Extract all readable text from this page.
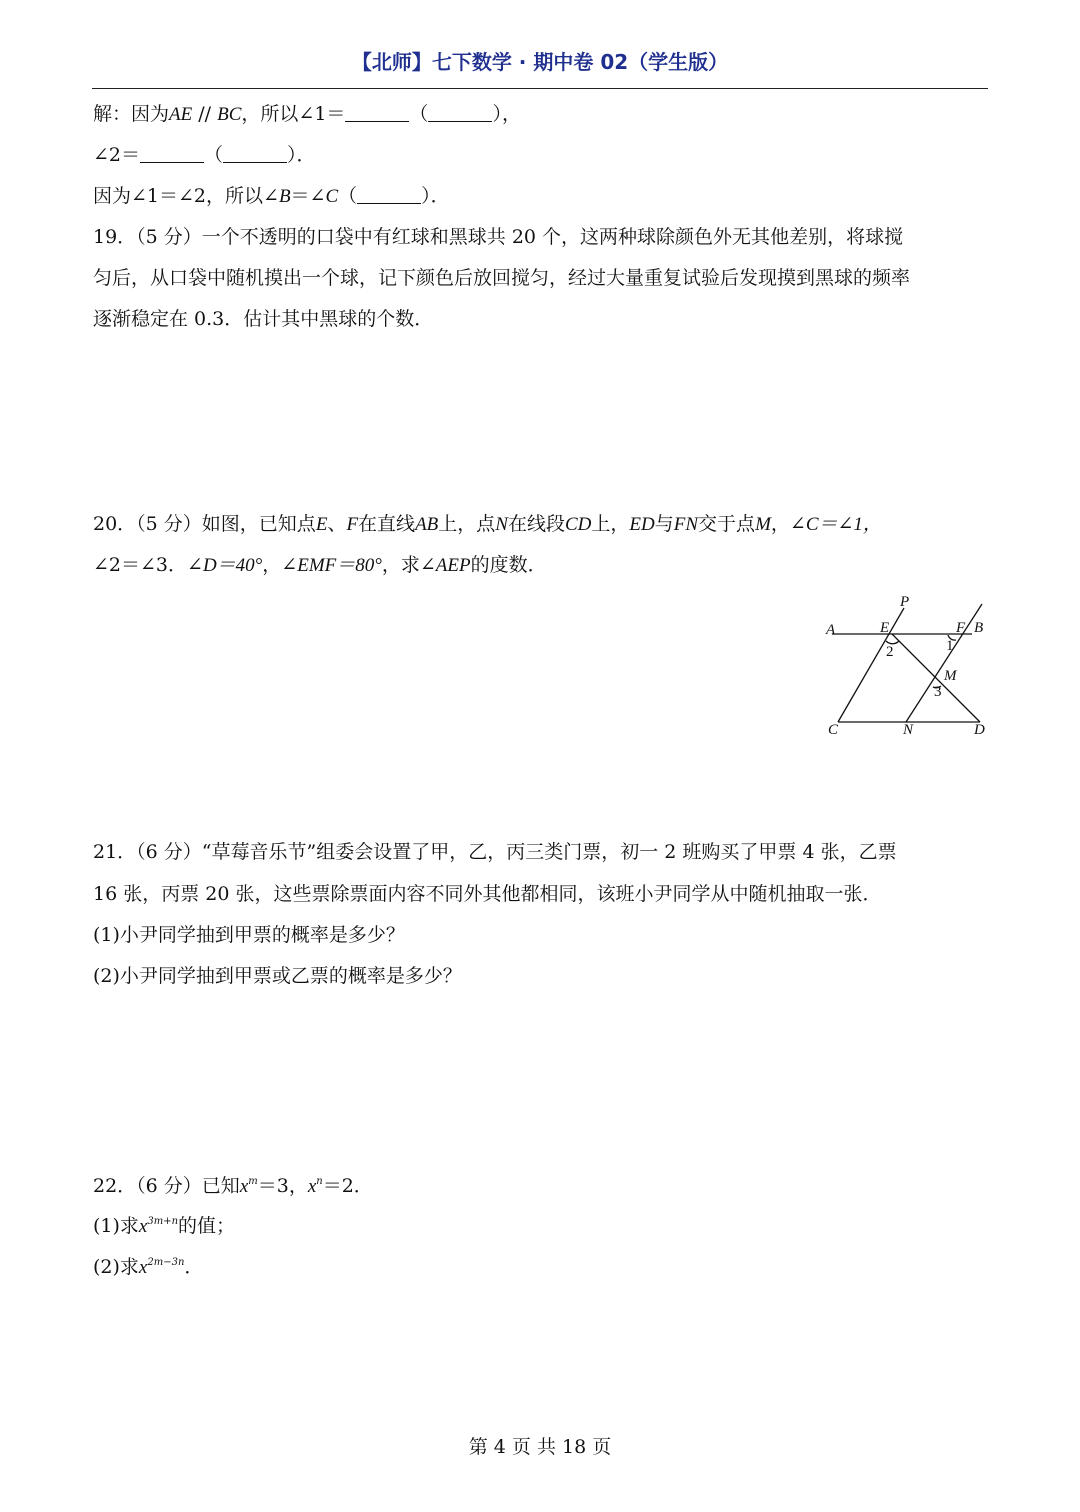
【北师】七下数学 · 期中卷 02（学生版）
解：因为AE // BC，所以∠1＝	（	），
∠2＝	（	）．
因为∠1＝∠2，所以∠B＝∠C（	）．
19．（5 分）一个不透明的口袋中有红球和黑球共 20 个，这两种球除颜色外无其他差别，将球搅
匀后，从口袋中随机摸出一个球，记下颜色后放回搅匀，经过大量重复试验后发现摸到黑球的频率
逐渐稳定在 0.3．估计其中黑球的个数．
20．（5 分）如图，已知点E、F在直线AB上，点N在线段CD上，ED与FN交于点M，∠C＝∠1，
∠2＝∠3．∠D＝40°，∠EMF＝80°，求∠AEP的度数．
P
A	E	F B
1
2
M
3
C	N	D
21．（6 分）“草莓音乐节”组委会设置了甲，乙，丙三类门票，初一 2 班购买了甲票 4 张，乙票
16 张，丙票 20 张，这些票除票面内容不同外其他都相同，该班小尹同学从中随机抽取一张．
(1)小尹同学抽到甲票的概率是多少？
(2)小尹同学抽到甲票或乙票的概率是多少？
22．（6 分）已知$x^m=3$，$x^n=2$．
(1)求$x^{3m+n}$的值；
(2)求$x^{2m-3n}$．
第 4 页 共 18 页
